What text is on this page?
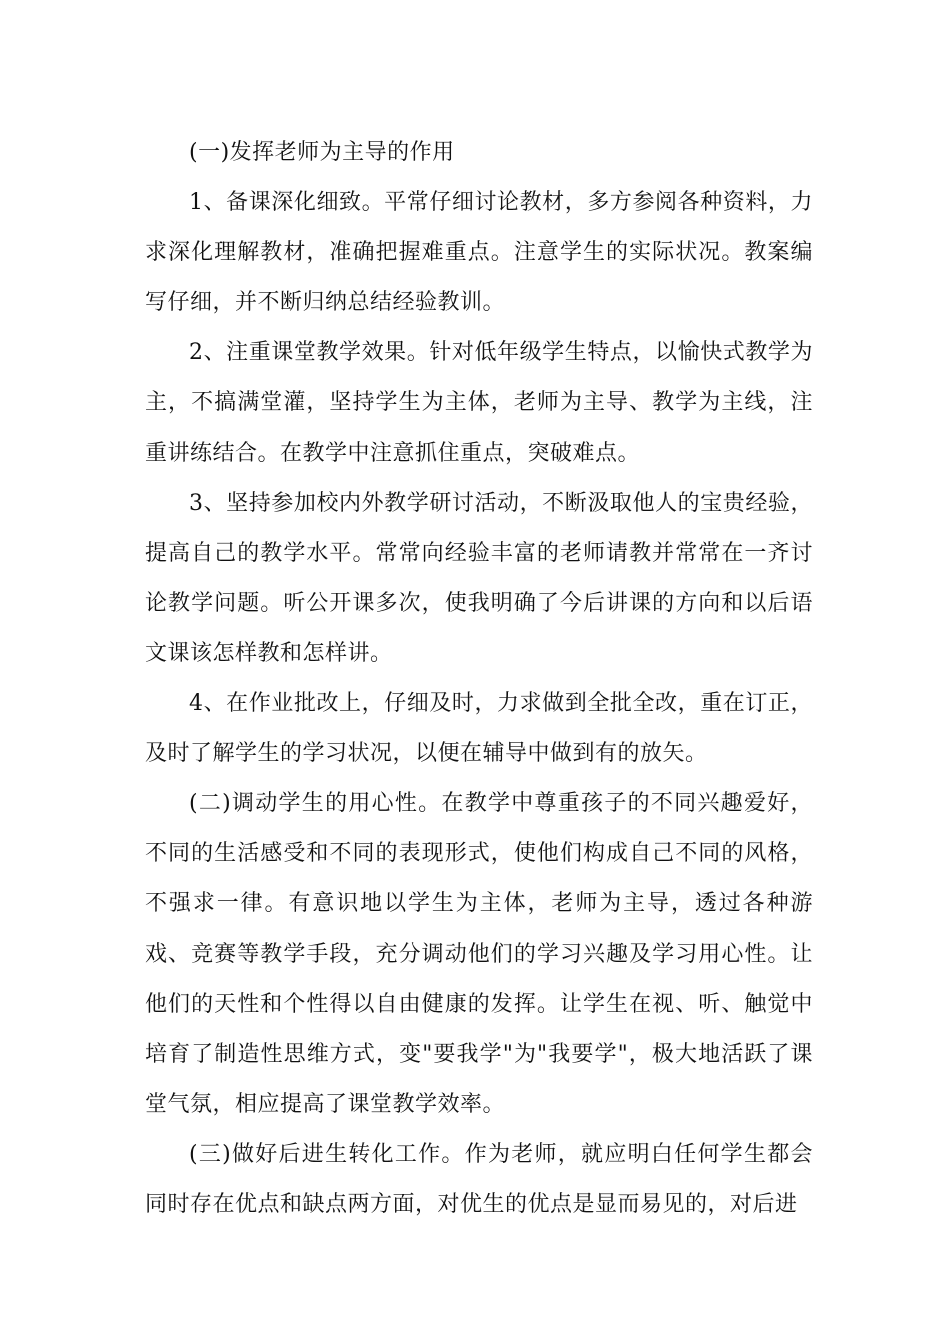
(一)发挥老师为主导的作用

1、备课深化细致。平常仔细讨论教材，多方参阅各种资料，力求深化理解教材，准确把握难重点。注意学生的实际状况。教案编写仔细，并不断归纳总结经验教训。

2、注重课堂教学效果。针对低年级学生特点，以愉快式教学为主，不搞满堂灌，坚持学生为主体，老师为主导、教学为主线，注重讲练结合。在教学中注意抓住重点，突破难点。

3、坚持参加校内外教学研讨活动，不断汲取他人的宝贵经验，提高自己的教学水平。常常向经验丰富的老师请教并常常在一齐讨论教学问题。听公开课多次，使我明确了今后讲课的方向和以后语文课该怎样教和怎样讲。

4、在作业批改上，仔细及时，力求做到全批全改，重在订正，及时了解学生的学习状况，以便在辅导中做到有的放矢。

(二)调动学生的用心性。在教学中尊重孩子的不同兴趣爱好，不同的生活感受和不同的表现形式，使他们构成自己不同的风格，不强求一律。有意识地以学生为主体，老师为主导，透过各种游戏、竞赛等教学手段，充分调动他们的学习兴趣及学习用心性。让他们的天性和个性得以自由健康的发挥。让学生在视、听、触觉中培育了制造性思维方式，变"要我学"为"我要学"，极大地活跃了课堂气氛，相应提高了课堂教学效率。

(三)做好后进生转化工作。作为老师，就应明白任何学生都会同时存在优点和缺点两方面，对优生的优点是显而易见的，对后进
